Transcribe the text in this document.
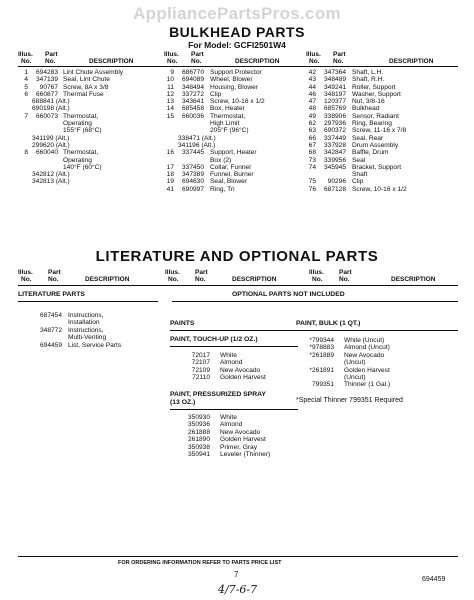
AppliancePartsPros.com
BULKHEAD PARTS
For Model: GCFI2501W4
Illus.
No.
Part
No.	DESCRIPTION
Illus.
No.
Part
No.	DESCRIPTION
Illus.
No.
Part
No.	DESCRIPTION
1	694283 Lint Chute Assembly
4	347139 Seal, Lint Chute
5	90767 Screw, 8A x 3/8
6	660877 Thermal Fuse
688841 (Alt.)
690198 (Alt.)
7	660073 Thermostat,
Operating
155°F (68°C)
341199 (Alt.)
299620 (Alt.)
8	660040 Thermostat,
Operating
140°F (60°C)
342812 (Alt.)
342813 (Alt.)
9	686770 Support Protector
10	694089 Wheel, Blower
11	348494 Housing, Blower
12	337272 Clip
13	343641 Screw, 10-16 x 1/2
14	685458 Box, Heater
15	660036 Thermostat,
High Limit
205°F (96°C)
338471 (Alt.)
341196 (Alt.)
16	337445 Support, Heater
Box (2)
17	337450 Collar, Funnel
18	347389 Funnel, Burner
19	694630 Seal, Blower
41	690997 Ring, Tri
42	347364 Shaft, L.H.
43	348489 Shaft, R.H.
44	349241 Roller, Support
46	348197 Washer, Support
47	120377 Nut, 3/8-16
48	685769 Bulkhead
49	338906 Sensor, Radiant
62	297936 Ring, Bearing
63	690372 Screw, 11-16 x 7/8
66	337449 Seal, Rear
67	337928 Drum Assembly
68	342847 Baffle, Drum
73	339956 Seal
74	345945 Bracket, Support
Shaft
75	90296 Clip
76	687128 Screw, 10-16 x 1/2
LITERATURE AND OPTIONAL PARTS
Illus.
No.
Part
No.	DESCRIPTION
Illus.
No.
Part
No.	DESCRIPTION
Illus.
No.
Part
No.	DESCRIPTION
LITERATURE PARTS	OPTIONAL PARTS NOT INCLUDED
687454 Instructions,
Installation
348772 Instructions,
Multi-Venting
694459 List, Service Parts
PAINTS
PAINT, TOUCH-UP (1/2 OZ.)
72017 White
72107 Almond
72109 New Avocado
72110 Golden Harvest
PAINT, PRESSURIZED SPRAY
(13 OZ.)
350930 White
350936 Almond
261888 New Avocado
261890 Golden Harvest
350938 Primer, Gray
350941 Leveler (Thinner)
PAINT, BULK (1 QT.)
*799344 White (Uncut)
*978883 Almond (Uncut)
*261889 New Avocado
(Uncut)
*261891 Golden Harvest
(Uncut)
799351 Thinner (1 Gal.)
*Special Thinner 799351 Required
FOR ORDERING INFORMATION REFER TO PARTS PRICE LIST
7
694459
4/7-6-7
